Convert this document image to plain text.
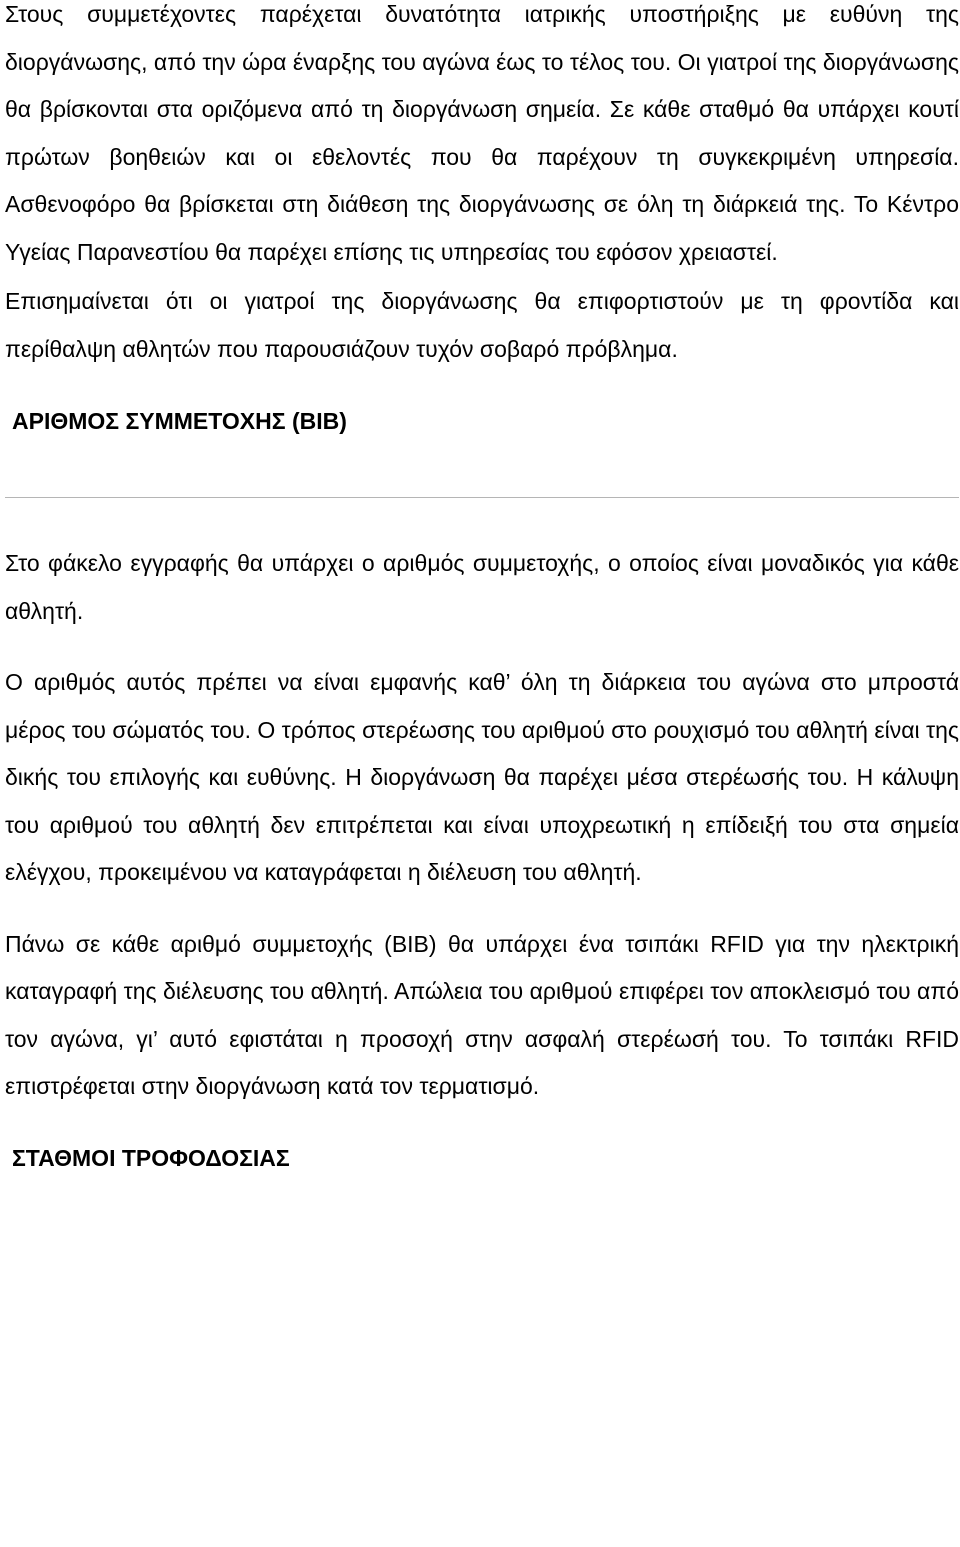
Στους συμμετέχοντες παρέχεται δυνατότητα ιατρικής υποστήριξης με ευθύνη της διοργάνωσης, από την ώρα έναρξης του αγώνα έως το τέλος του. Οι γιατροί της διοργάνωσης θα βρίσκονται στα οριζόμενα από τη διοργάνωση σημεία. Σε κάθε σταθμό θα υπάρχει κουτί πρώτων βοηθειών και οι εθελοντές που θα παρέχουν τη συγκεκριμένη υπηρεσία. Ασθενοφόρο θα βρίσκεται στη διάθεση της διοργάνωσης σε όλη τη διάρκειά της. Το Κέντρο Υγείας Παρανεστίου θα παρέχει επίσης τις υπηρεσίας του εφόσον χρειαστεί.

Επισημαίνεται ότι οι γιατροί της διοργάνωσης θα επιφορτιστούν με τη φροντίδα και περίθαλψη αθλητών που παρουσιάζουν τυχόν σοβαρό πρόβλημα.

ΑΡΙΘΜΟΣ ΣΥΜΜΕΤΟΧΗΣ (BIB)

Στο φάκελο εγγραφής θα υπάρχει ο αριθμός συμμετοχής, ο οποίος είναι μοναδικός για κάθε αθλητή.

Ο αριθμός αυτός πρέπει να είναι εμφανής καθ’ όλη τη διάρκεια του αγώνα στο μπροστά μέρος του σώματός του. Ο τρόπος στερέωσης του αριθμού στο ρουχισμό του αθλητή είναι της δικής του επιλογής και ευθύνης. Η διοργάνωση θα παρέχει μέσα στερέωσής του. Η κάλυψη του αριθμού του αθλητή δεν επιτρέπεται και είναι υποχρεωτική η επίδειξή του στα σημεία ελέγχου, προκειμένου να καταγράφεται η διέλευση του αθλητή.

Πάνω σε κάθε αριθμό συμμετοχής (BIB) θα υπάρχει ένα τσιπάκι RFID για την ηλεκτρική καταγραφή της διέλευσης του αθλητή. Απώλεια του αριθμού επιφέρει τον αποκλεισμό του από τον αγώνα, γι’ αυτό εφιστάται η προσοχή στην ασφαλή στερέωσή του. Το τσιπάκι RFID επιστρέφεται στην διοργάνωση κατά τον τερματισμό.

ΣΤΑΘΜΟΙ ΤΡΟΦΟΔΟΣΙΑΣ
